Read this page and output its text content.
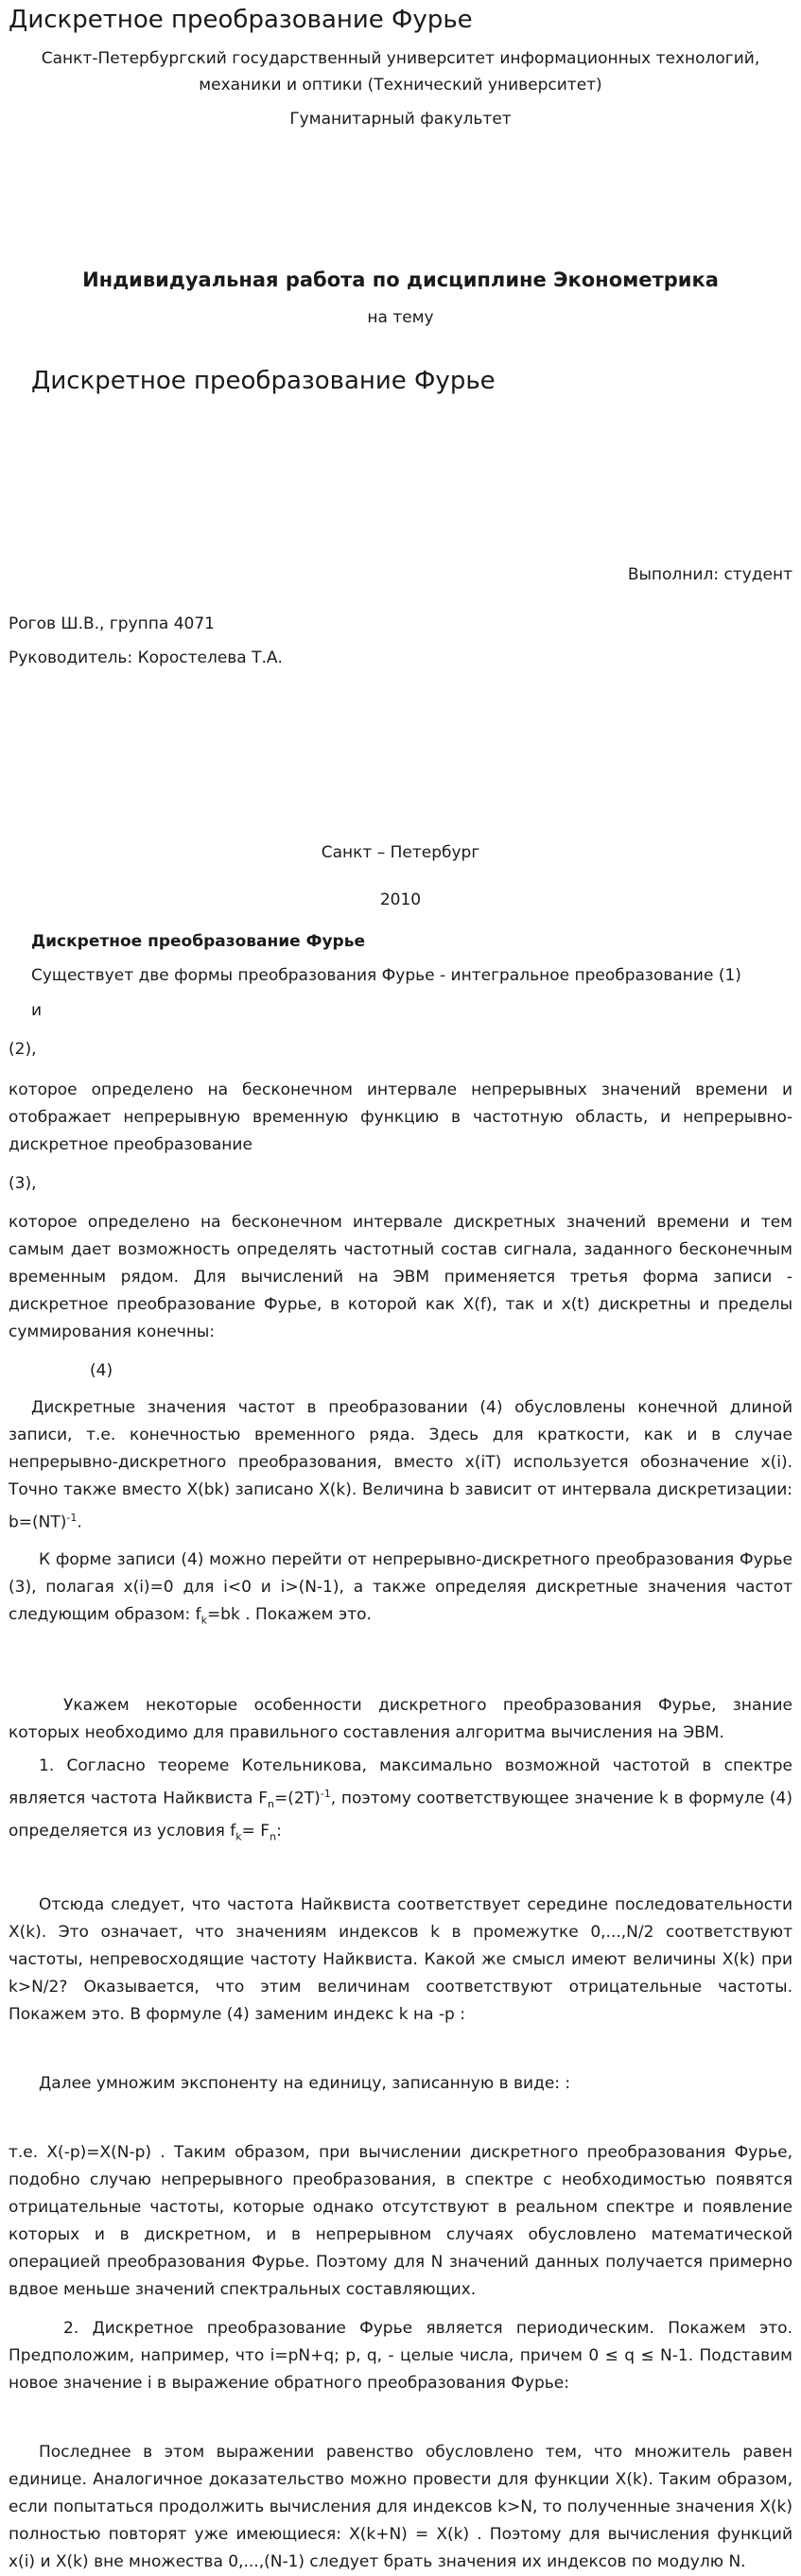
Дискретное преобразование Фурье
Санкт-Петербургский государственный университет информационных технологий, механики и оптики (Технический университет)
Гуманитарный факультет
Индивидуальная работа по дисциплине Эконометрика
на тему
Дискретное преобразование Фурье
Выполнил: студент
Рогов Ш.В., группа 4071
Руководитель: Коростелева Т.А.
Санкт – Петербург
2010
Дискретное преобразование Фурье

Существует две формы преобразования Фурье - интегральное преобразование (1)

и

(2),

которое определено на бесконечном интервале непрерывных значений времени и отображает непрерывную временную функцию в частотную область, и непрерывно-дискретное преобразование

(3),

которое определено на бесконечном интервале дискретных значений времени и тем самым дает возможность определять частотный состав сигнала, заданного бесконечным временным рядом. Для вычислений на ЭВМ применяется третья форма записи - дискретное преобразование Фурье, в которой как X(f), так и x(t) дискретны и пределы суммирования конечны:

(4)

Дискретные значения частот в преобразовании (4) обусловлены конечной длиной записи, т.е. конечностью временного ряда. Здесь для краткости, как и в случае непрерывно-дискретного преобразования, вместо x(iT) используется обозначение x(i). Точно также вместо X(bk) записано X(k). Величина b зависит от интервала дискретизации: b=(NT)$^{-1}$.

К форме записи (4) можно перейти от непрерывно-дискретного преобразования Фурье (3), полагая x(i)=0 для i<0 и i>(N-1), а также определяя дискретные значения частот следующим образом: $f_k=bk$ . Покажем это.

Укажем некоторые особенности дискретного преобразования Фурье, знание которых необходимо для правильного составления алгоритма вычисления на ЭВМ.

1. Согласно теореме Котельникова, максимально возможной частотой в спектре является частота Найквиста $F_n=(2T)^{-1}$, поэтому соответствующее значение k в формуле (4) определяется из условия $f_k= F_n$:

Отсюда следует, что частота Найквиста соответствует середине последовательности X(k). Это означает, что значениям индексов k в промежутке 0,...,N/2 соответствуют частоты, непревосходящие частоту Найквиста. Какой же смысл имеют величины X(k) при k>N/2? Оказывается, что этим величинам соответствуют отрицательные частоты. Покажем это. В формуле (4) заменим индекс k на -p :

Далее умножим экспоненту на единицу, записанную в виде: :

т.е. X(-p)=X(N-p) . Таким образом, при вычислении дискретного преобразования Фурье, подобно случаю непрерывного преобразования, в спектре с необходимостью появятся отрицательные частоты, которые однако отсутствуют в реальном спектре и появление которых и в дискретном, и в непрерывном случаях обусловлено математической операцией преобразования Фурье. Поэтому для N значений данных получается примерно вдвое меньше значений спектральных составляющих.

2. Дискретное преобразование Фурье является периодическим. Покажем это. Предположим, например, что i=pN+q; p, q, - целые числа, причем 0 ≤ q ≤ N-1. Подставим новое значение i в выражение обратного преобразования Фурье:

Последнее в этом выражении равенство обусловлено тем, что множитель равен единице. Аналогичное доказательство можно провести для функции X(k). Таким образом, если попытаться продолжить вычисления для индексов k>N, то полученные значения X(k) полностью повторят уже имеющиеся: X(k+N) = X(k) . Поэтому для вычисления функций x(i) и X(k) вне множества 0,...,(N-1) следует брать значения их индексов по модулю N.
